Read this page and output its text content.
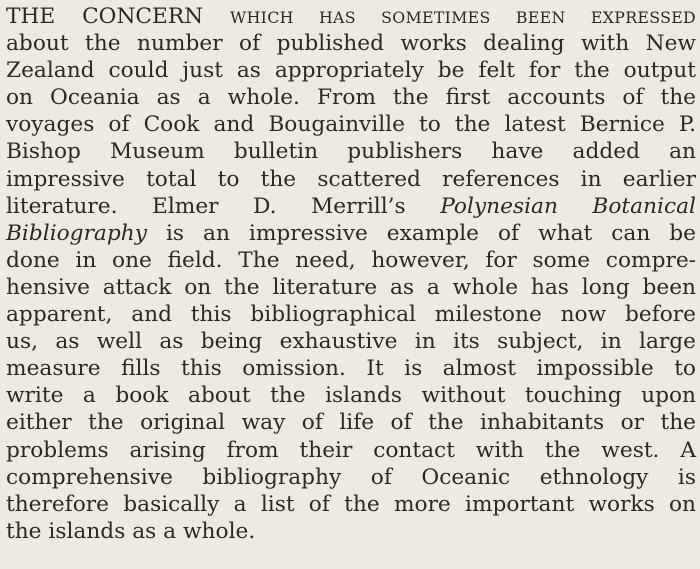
THE CONCERN WHICH HAS SOMETIMES BEEN EXPRESSED
about the number of published works dealing with New
Zealand could just as appropriately be felt for the output
on Oceania as a whole. From the first accounts of the
voyages of Cook and Bougainville to the latest Bernice P.
Bishop Museum bulletin publishers have added an
impressive total to the scattered references in earlier
literature. Elmer D. Merrill’s Polynesian Botanical
Bibliography is an impressive example of what can be
done in one field. The need, however, for some compre-
hensive attack on the literature as a whole has long been
apparent, and this bibliographical milestone now before
us, as well as being exhaustive in its subject, in large
measure fills this omission. It is almost impossible to
write a book about the islands without touching upon
either the original way of life of the inhabitants or the
problems arising from their contact with the west. A
comprehensive bibliography of Oceanic ethnology is
therefore basically a list of the more important works on
the islands as a whole.
